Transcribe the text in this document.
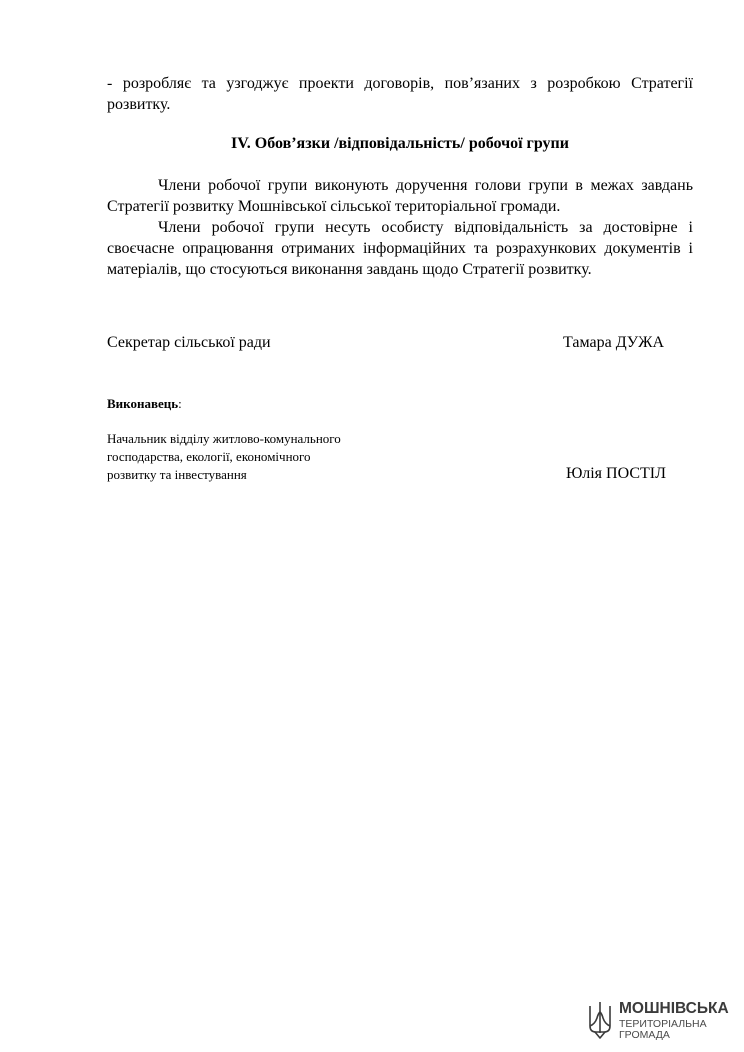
- розробляє та узгоджує проекти договорів, пов’язаних з розробкою Стратегії розвитку.
IV. Обов’язки /відповідальність/ робочої групи
Члени робочої групи виконують доручення голови групи в межах завдань Стратегії розвитку Мошнівської сільської територіальної громади.
Члени робочої групи несуть особисту відповідальність за достовірне і своєчасне опрацювання отриманих інформаційних та розрахункових документів і матеріалів, що стосуються виконання завдань щодо Стратегії розвитку.
Секретар сільської ради	Тамара ДУЖА
Виконавець:
Начальник відділу житлово-комунального
господарства, екології, економічного
розвитку та інвестування	Юлія ПОСТІЛ
МОШНІВСЬКА
ТЕРИТОРІАЛЬНА
ГРОМАДА
